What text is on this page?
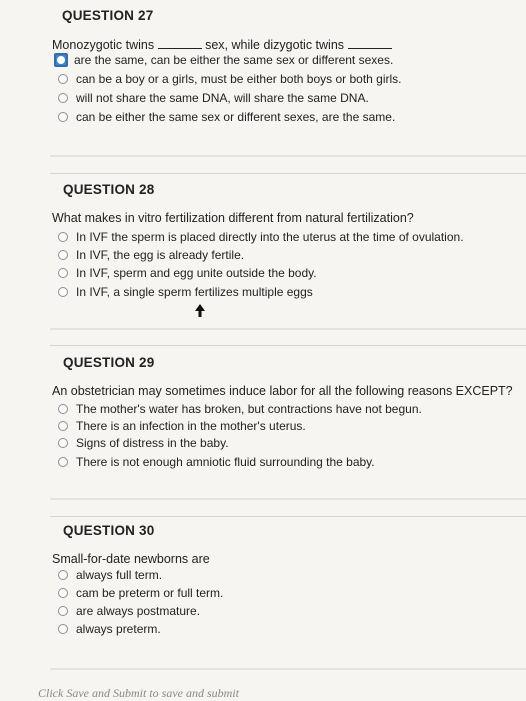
QUESTION 27
Monozygotic twins	sex, while dizygotic twins
are the same, can be either the same sex or different sexes.
can be a boy or a girls, must be either both boys or both girls.
will not share the same DNA, will share the same DNA.
can be either the same sex or different sexes, are the same.
QUESTION 28
What makes in vitro fertilization different from natural fertilization?
In IVF the sperm is placed directly into the uterus at the time of ovulation.
In IVF, the egg is already fertile.
In IVF, sperm and egg unite outside the body.
In IVF, a single sperm fertilizes multiple eggs
QUESTION 29
An obstetrician may sometimes induce labor for all the following reasons EXCEPT?
The mother's water has broken, but contractions have not begun.
There is an infection in the mother's uterus.
Signs of distress in the baby.
There is not enough amniotic fluid surrounding the baby.
QUESTION 30
Small-for-date newborns are
always full term.
cam be preterm or full term.
are always postmature.
always preterm.
Click Save and Submit to save and submit
